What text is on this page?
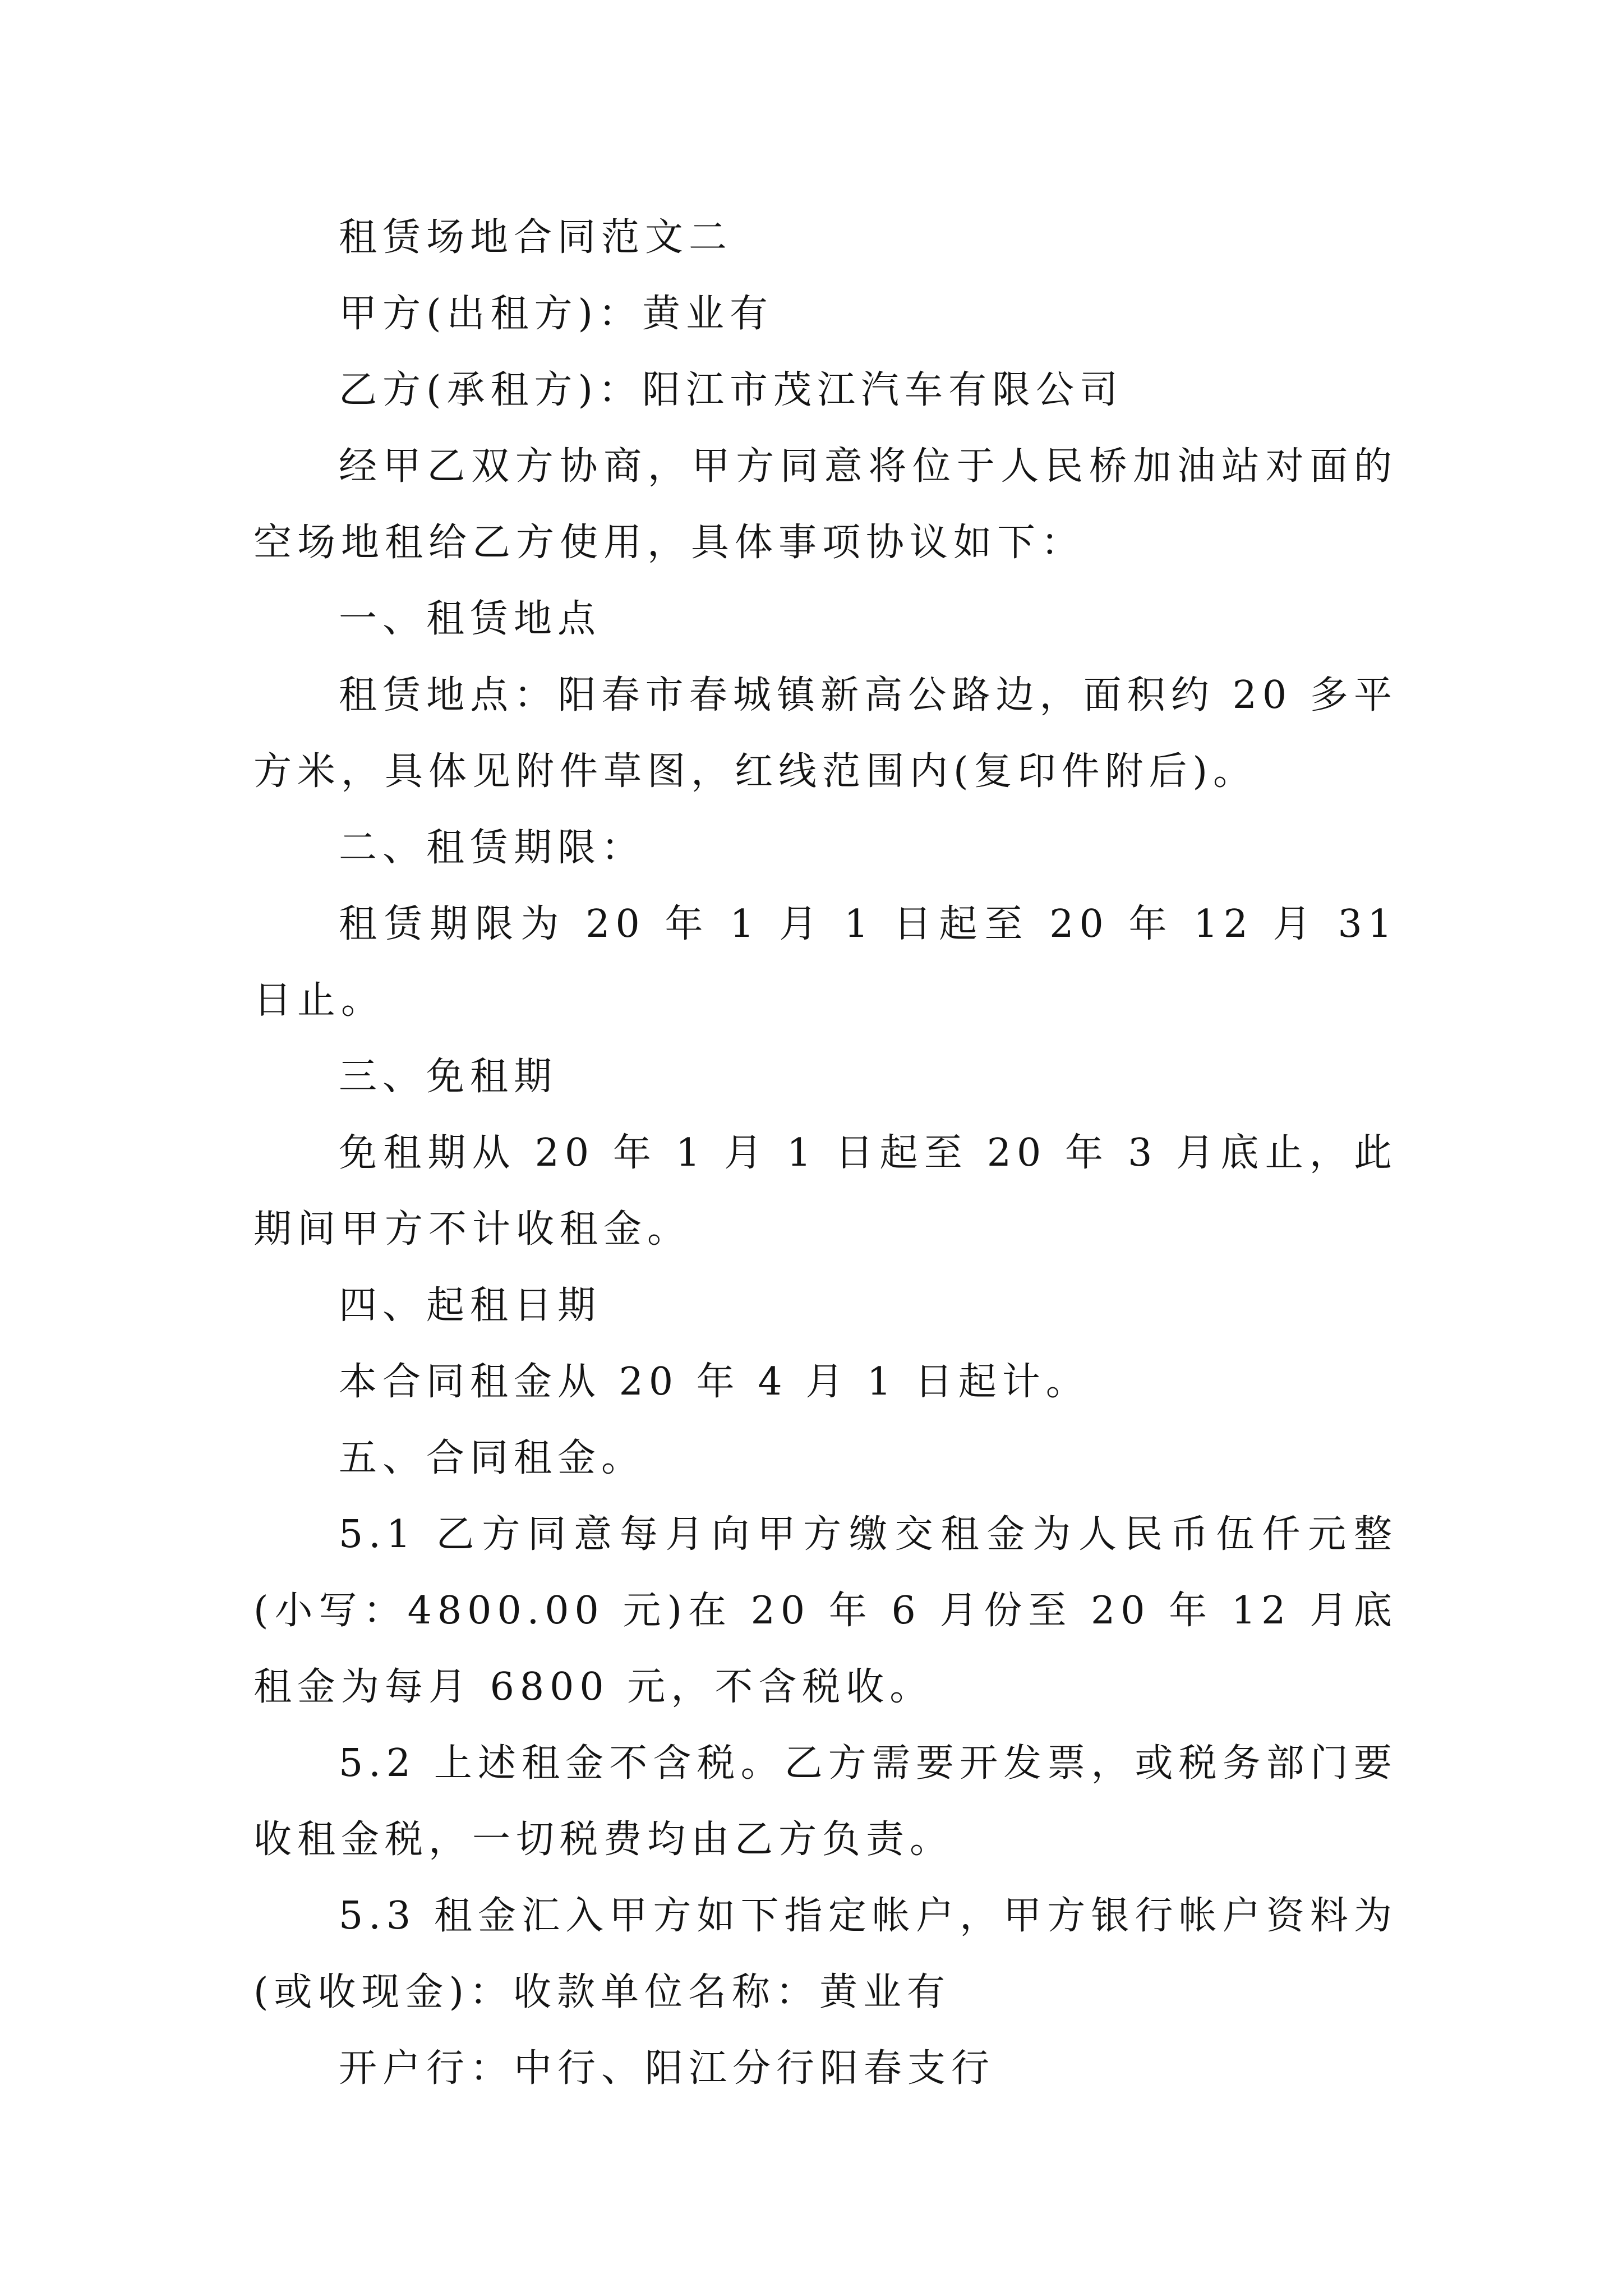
租赁场地合同范文二

甲方(出租方)：黄业有

乙方(承租方)：阳江市茂江汽车有限公司

经甲乙双方协商，甲方同意将位于人民桥加油站对面的空场地租给乙方使用，具体事项协议如下：

一、租赁地点

租赁地点：阳春市春城镇新高公路边，面积约 20 多平方米，具体见附件草图，红线范围内(复印件附后)。

二、租赁期限：

租赁期限为 20 年 1 月 1 日起至 20 年 12 月 31 日止。

三、免租期

免租期从 20 年 1 月 1 日起至 20 年 3 月底止，此期间甲方不计收租金。

四、起租日期

本合同租金从 20 年 4 月 1 日起计。

五、合同租金。

5.1 乙方同意每月向甲方缴交租金为人民币伍仟元整(小写：4800.00 元)在 20 年 6 月份至 20 年 12 月底租金为每月 6800 元，不含税收。

5.2 上述租金不含税。乙方需要开发票，或税务部门要收租金税，一切税费均由乙方负责。

5.3 租金汇入甲方如下指定帐户，甲方银行帐户资料为(或收现金)：收款单位名称：黄业有

开户行：中行、阳江分行阳春支行
